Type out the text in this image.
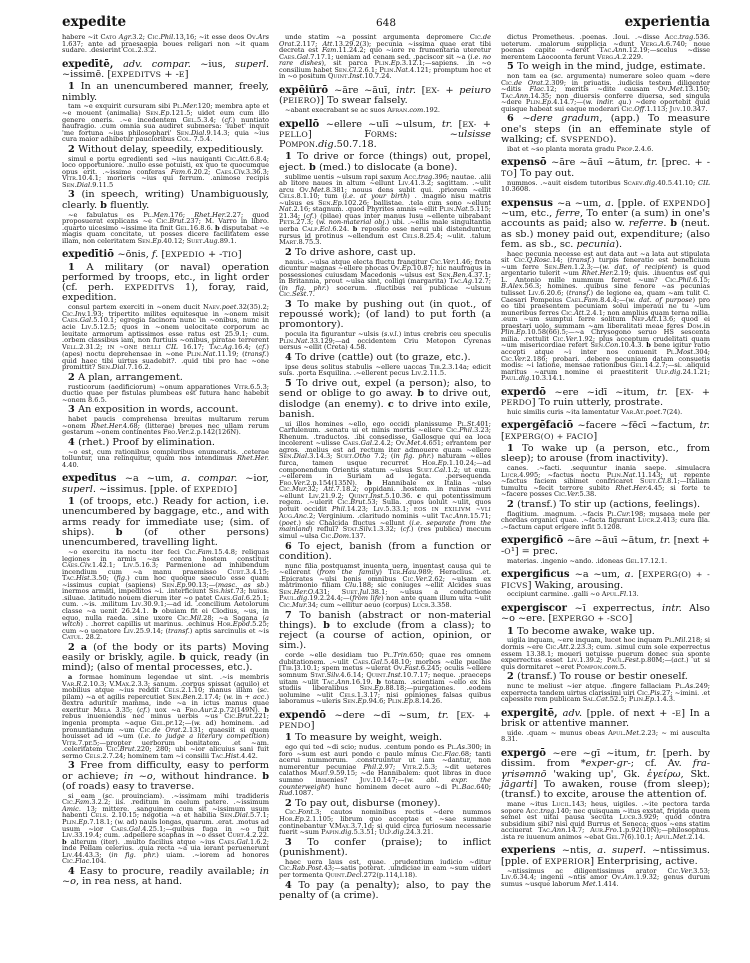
expedite	648	experientia

habere ~it Cato Agr.3.2; Cic.Phil.13,16; ~it esse deos Ov.Ars 1.637; ante ad praesaepia boues religari non ~it quam sudare. .desierint Col.2.3.2.

expedītē, adv. compar. ~ius, superl. ~issimē. [EXPEDITVS + -E]

1 In an unencumbered manner, freely, nimbly.

tam ~e exquirit cursuram sibi Pl.Mer.120; membra apte et ~e mouent (animalia) Sen.Ep.121.5; uidet eum cum illo genere oneris. .~e incedentem Gel.5.3.4; (cf.) nuntiato naufragio. .cum omnia sua audiret submersa: 'iubet' inquit 'me fortuna ~ius philosophari' Sen.Dial.9.14.3; quia ~ius cura maior adhibetur paucioribus Col. 7.5.4.

2 Without delay, speedily, expeditiously.

simul e portu egredienti sed ~ius nauiganti Cic.Att.6.8.4; loco opportuniore. .nullo esse potuisti, ex quo te quocumque opus erit. .~issime conferas Fam.6.20.2; Caes.Civ.3.36.3; Vitr.10.4.1; morieris ~ius qui ferrum. .animose recipis Sen.Dial.9.11.5

3 (in speech, writing) Unambiguously, clearly. b fluently.

~e fabulatus es Pl.Men.176; Rhet.Her.2.27; quod proposuerat explicans ~e Cic.Brut.237; M. Varro in libro. .quarto uicesimo ~issime ita finit Gel.16.8.6. b disputabat ~e magis quam concitate, ut posses dicere facilitatem esse illam, non celeritatem Sen.Ep.40.12; Suet.Aug.89.1.

expedītiō ~ōnis, f. [EXPEDIO + -TIO]

1 A military (or naval) operation performed by troops, etc., in light order (cf. perh. EXPEDITVS 1), foray, raid, expedition.

consul partem exerciti in ~onem ducit Naev.poet.32(35).2; Cic.Inv.1.93; tripertito milites equitesque in ~onem misit Caes.Gal.5.10.1; egregia facinora nunc in ~onibus, nunc in acie Liv.5.12.5; quos in ~onem uelocitate corporum ac leuitate armorum aptissimos esse ratus est 25.9.1; cum. .orbem classibus iam, non furtiuis ~onibus, piratae terrerent Vell.2.31.2; IN ~ONE BELLI CIL 16.17; Tac.Ag.16.4; (cf.) (apes) noctu deprehensae in ~one Plin.Nat.11.19; (transf.) quid haec tibi uirtus suadebit?. .quid tibi pro hac ~one promittit? Sen.Dial.7.16.2.

2 A plan, arrangement.

rusticorum (aedificiorum) ~onum apparationes Vitr.6.5.3; ductio quae per fistulas plumbeas est futura hanc habebit ~onem 8.6.5.

3 An exposition in words, account.

habet paucis comprehensa breuitas multarum rerum ~onem Rhet.Her.4.68; (litterae) breues nec ullam rerum gestarum ~onem continentes Fro.Ver.2.p.142(126N).

4 (rhet.) Proof by elimination.

~o est, cum rationibus compluribus enumeratis. .ceterae tolluntur, una relinquitur, quam nos intendimus Rhet.Her. 4.40.

expedītus ~a ~um, a. compar. ~ior, superl. ~issimus. [pple. of EXPEDIO]

1 (of troops, etc.) Ready for action, i.e. unencumbered by baggage, etc., and with arms ready for immediate use; (sim. of ships). b (of other persons) unencumbered, travelling light.

~o exercitu ita noctu iter feci Cic.Fam.15.4.8; reliquas legiones in armis ~as contra hostem constituit Caes.Civ.1.42.1; Liv.5.16.3; Parmenione ad inhibendum incendium cum ~a manu praemisso Curt.3.4.15; Tac.Hist.3.50; (fig.) cum hoc quoque saeculo esse quam ~issimus cupiat (sapiens) Sen.Ep.90.13;—(masc. as sb.) inermos armati, impeditos ~i. .interficiunt Sis.hist.73; huius. .siluae. .latitudo nouem dierum iter ~o patet Caes.Gal.6.25.1; cum. .~is. .militum Liv.30.9.1;—ad id. .concilium Aetolorum classe ~a uenit 26.24.1. b obuiam fit ei Clodius, ~us, in equo, nulla raeda. .sine uxore Cic.Mil.28; ~a Sagana (a witch) . .horret capillis ut marinus. .echinus Hor.Epod.5.25; cum ~o uenatore Liv.25.9.14; (transf.) aptis sarcinulis et ~is Catul. 28.2.

2 a (of the body or its parts) Moving easily or briskly, agile. b quick, ready (in mind); (also of mental processes, etc.).

a formae hominum legendae ut sint. .~is membris Var.R.2.10.3; V.Max.2.3.3; sanum. .corpus spissat (aquilo) et mobilius atque ~ius reddit Cels.2.1.10; manus illam (sc. pilam) ~a et agilis repercutiet Sen.Ben.2.17.4; (w. in + acc.) dextra aduritur mamma, inde ~a in ictus manus quae exeritur Mela 3.35; (cf.) uox ~a Fro.Aur.2.p.72(149N). b rebus inueniendis nec minus uerbis ~us Cic.Brut.221; ingenia prompta ~aque Gel.pr.12;—(w. ad) hominem. .ad pronuntiandum ~um Cic.de Orat.2.131; quaesiit si quem nouisset ad id ~um (i.e. to judge a literary competition) Vitr.7.pr.5;—propter uerborum bonitatem. .et ~am. .celeritatem Cic.Brut.220; 280; ubi ~ior alicuius sani fuit sermo Cels.2.7.24; hominem tam ~i consilii Tac.Hist.4.42.

3 Free from difficulty, easy to perform or achieve; in ~o, without hindrance. b (of roads) easy to traverse.

si eam (sc. prouinciam). .~issimam mihi tradideris Cic.Fam.3.2.2; iis. .reditum in caelum patere. .~issimum Amic. 13; mittere. .sanguinem cum sit ~issimum usum habenti Cels. 2.10.15; negotia ~a et habilia Sen.Dial.5.7.1; Plin.Ep.7.18.1; (w. ad) nauis longas, quarum. .erat. .motus ad usum ~ior Caes.Gal.4.25.1;—quibus fuga in ~o fuit Liv.33.19.4; cum. .adpellere scaphas in ~o esset Curt.4.2.22. b alterum (iter). .multo facilius atque ~ius Caes.Gal.1.6.2; inde Pellam celerius. .quia recta ~a uia ierant peruenerunt Liv.44.43.3; (in fig. phr.) uiam. .~iorem ad honores Cic.Flac.104.

4 Easy to procure, readily available; in ~o, in rea ness, at hand.

unde statim ~a possint argumenta depromere Cic.de Orat.2.117; Att.13.29.2(3); pecunia ~issima quae erat tibi decreta est Fam.11.24.2; quo ~iore re frumentaria uteretur Caes.Gal.7.17.1; ueniam ad cenam sed. .paciscor sit ~a (i.e. no rare dishes), sit parca Plin.Ep.3.12.1;—sapiens. .in ~o consilium habet Sen.Cl.2.6.1; Plin.Nat.4.121; promptum hoc et in ~o positum Quint.Inst.10.7.24.

expēiūrō ~āre ~āuī, intr. [EX- + peiuro (PEIERO)] To swear falsely.

~abant execrabant se ac suos Afran.com.192.

expellō ~ellere ~ulī ~ulsum, tr. [EX- + PELLO] Forms: ~ulsisse Pompon.dig.50.7.18.

1 To drive or force (things) out, propel, eject. b (med.) to dislocate (a bone).

sublime uentis ~ulsum rapi saxum Acc.trag.396; nautae. .alii ab litore naues in altum ~ellunt Liv.41.3.2; sagittam. .~ulit arcu Ov.Met.8.381; nouus dens subit qui. .priorem ~ellit Cels.8.1.10; tum (i.e. at your birth) . .magno nisu matris ~ulsus es Sen.Ep.102.26; ballistae. .tela cum sono ~ellunt Nat.2.16; stagnum. .quod Phyrites amnis ~ellit Plin.Nat.5.115; 21.34; (cf.) (pilae) quas inter manus lusu ~ellente uibrabant Petr.27.3; (w. non-material obj.) ubi. .~ellis male singultantia uerba Calp.Ecl.6.24. b reposito osse nerui ubi distenduntur, rursus id protinus ~ellendum est Cels.8.25.4; ~ulit. .talum Mart.8.75.3.

2 To drive ashore, cast up.

nauis. .~ulsa atque electa fluctu frangitur Cic.Ver.1.46; freta dicuntur magnas ~ellere phocas Ov.Ep.10.87; hic naufragus in possessiones cuiusdam Macedonis ~ulsus est Sen.Ben.4.37.1; in Britannia, prout ~ulsa sint, colligi (margarita) Tac.Ag.12.7; (in fig. phr.) socerum. .fluctibus rei publicae ~ulsum Cic.Sest.7.

3 To make by pushing out (in quot., of repoussé work); (of land) to put forth (a promontory).

pocula ita figurantur ~ulsis (s.v.l.) intus crebris ceu speculis Plin.Nat.33.129;—ad occidentem Criu Metopon Cyrenas uersus ~ellit (Creta) 4.58.

4 To drive (cattle) out (to graze, etc.).

ipse deus solitus stabulis ~ellere uaccas Tib.2.3.14a; edicit suis. .porta Esquilina. .~ellerent pecus Liv.2.11.5.

5 To drive out, expel (a person); also, to send or oblige to go away. b to drive out, dislodge (an enemy). c to drive into exile, banish.

ui illos homines ~ello, ego occidi planissume Pl.St.401; Carfulenum. .senatu ui et minis mortis ~ellere Cic.Phil.3.23; Rhenum. .traductos. .ibi consedisse, Gallosque qui ea loca incolerent ~ulisse Caes.Gal.2.4.2; Ov.Met.4.651; errantem per agros. .melius est ad rectum iter admouere quam ~ellere Sen.Dial.3.14.3; Suet.Otho 7.2; (in fig. phr.) naturam ~elles furca, tamen usque recurret Hor.Ep.1.10.24;—ad componendum Orientis statum ~ulsus Suet.Cal.1.2; ut eum. .~ellerem in Suriam ad legata. .persequenda Fro.Ver.2.p.154(135N). b Hannibale ex Italia ~ulso Cic.Mur.32; Att.7.18.2; oppidani. .hostem. .in ruinas muri ~ellunt Liv.21.9.2; Quint.Inst.5.10.36. c qui potentissimum regem. .~ulerit Cic.Brut.53; Sulla. .quos uoluit ~ulit, quos potuit occidit Phil.14.23; Liv.5.33.1; EOS IN EXILIVM ~VLI Aug.Anc.2; Verginium. .claritudo nominis ~ulit Tac.Ann.15.71; (poet.) sic Chalcida fluctus ~ellunt (i.e. separate from the mainland) refluī? Stat.Silv.1.3.32; (cf.) (res publica) mecum simul ~ulsa Cic.Dom.137.

6 To eject, banish (from a function or condition).

nunc filia postquamst inuenta uera, inuentast causa qui te ~ellerent (from the family) Ter.Hau.989; Heraclius. .et. .Epicrates ~ulsi bonis omnibus Cic.Ver.2.62; ~ulsam ex matrimonio filiam Clu.188; sic coniuges ~ellit Alcides suas Sen.Her.O.431; Suet.Jul.38.1; ~ulsus a conductione Paul.dig.19.2.24.4;—(from life) non ante quam illum uita ~ulit Cic.Mur.34; cum ~ellitur aeuo (corpus) Lucr.3.358.

7 To banish (abstract or non-material things). b to exclude (from a class); to reject (a course of action, opinion, or sim.).

corde ~elle desidiam tuo Pl.Trin.650; quae res omnem dubitationem. .~ulit Caes.Gal.5.48.10; morbos ~elle puellae [Tib.]3.10.1; spem metus ~ulerat Ov.Fast.6.245; oculis ~ellere somnum Stat.Silv.4.6.14; Quint.Inst.10.7.17; neque. .praeceps uitam ~ulit Tac.Ann.16.19. b totam. .scientiam ~ello ex his studiis liberalibus Sen.Ep.88.18;—purgationes. .eodem uolumine ~ulit Cels.1.3.17; nisi opiniones falsas quibus laboramus ~uleris Sen.Ep.94.6; Plin.Ep.8.14.26.

expendō ~dere ~dī ~sum, tr. [EX- + PENDO]

1 To measure by weight, weigh.

ego qui ted ~di scio; nudus. .centum pondo es Pl.As.300; in foro ~sum est auri pondo c paulo minus Cic.Flac.68; tanti acerui nummorum. .construuntur ut iam ~dantur, non numerentur pecuniae Phil.2.97; Vitr.2.5.3; ~dit ueteres calathos Mart.9.59.15; ~de Hannibalem: quot libras in duce summo inuenies? Juv.10.147;—(w. abl. expr. the counterweight) hunc hominem decet auro ~di Pl.Bac.640; Rud.1087.

2 To pay out, disburse (money).

Cic.Font.3; cautos nominibus rectis ~dere nummos Hor.Ep.2.1.105; librum quo acceptae et ~sae summae continebantur V.Max.3.7.1d; si quid circa furiosum necessarie fuerit ~sum Papin.dig.5.3.51; Ulp.dig.24.3.21.

3 To confer (praise); to inflict (punishment).

haec uera laus est, quae. .prudentium iudicio ~ditur Cic.Rab.Post.43;—satis poterat. .uindiciae in eam ~sum uideri per tormenta Quint.Decl.272(p.114,l.18).

4 To pay (a penalty); also, to pay the penalty of (a crime).

dictus Prometheus. .poenas. .Ioui. .~disse Acc.trag.536. ueterum. .malorum supplicia ~dunt Verg.A.6.740; noue poenas capite ~deret Tac.Ann.12.19;—scelus ~disse merentem Laocoonta ferunt Verg.A.2.229.

5 To weigh in the mind, judge, estimate.

non tam ea (sc. argumenta) numerare soleo quam ~dere Cic.de Orat.2.309; in priuatis. .iudiciis testem diligenter ~ditis Flac.12; meritis ~dite causam Ov.Met.13.150; Tac.Ann.14.35; non diuersis conferre diuersa, sed singula ~dere Plin.Ep.4.14.7;—(w. indir. qu.) ~dere oportebit quid quisque habeat sui eaque moderari Cic.Off.1.113; Juv.10.347.

6 ~dere gradum, (app.) To measure one's steps (in an effeminate style of walking; cf. SVSPENDO).

ibat et ~so planta morata gradu Prop.2.4.6.

expensō ~āre ~āuī ~ātum, tr. [prec. + -TO] To pay out.

nummos. .~auit eisdem tutoribus Scaev.dig.40.5.41.10; CIL 10.3608.

expensus ~a ~um, a. [pple. of EXPENDO] ~um, etc., ferre, To enter (a sum) in one's accounts as paid; also w. referre. b (neut. as sb.) money paid out, expenditure; (also fem. as sb., sc. pecunia).

haec pecunia necesse est aut data aut ~a lata aut stipulata sit Cic.Q.Rosc.14; (transf.) turpis feneratio est beneficium ~um ferre Sen.Ben.1.2.3;—(w. dat. of recipient) is quod argentario tulerit ~um Rhet.Her.2.19; quis. .inuentus est qui L. Antonio mille nummum ferret ~um? Cic.Phil.6.15; B.Alex.56.3; homines. .quibus sine fenore ~as pecunias tulisset Liv.6.20.6; (transf.) de legione ea, quam ~am tulit C. Caesari Pompeius Cael.Fam.8.4.4;—(w. dat. of purpose) pro eo tibi praesentem pecuniam solui imperaui ne tu ~um muneribus ferres Cic.Att.2.4.1; non amplius quam terna milia. .eum ~um sumptui ferre solitum Nep.Att.13.6; quod ei praestari uolo, summam ~am liberalitati meae feres Dom.in Plin.Ep.10.58(66).5;—~a Chrysogono seruo HS sescenta milia. .rettulit Cic.Ver.1.92; plus acceptum crudelitati quam ~um misericordiae refert Sen.Con.10.4.3. b bene igitur ratio accepti atque ~i inter nos conuenit Pl.Most.304; Cic.Ver.2.186; probari. .debere pecuniam datam consuetis modis: ~i latione, mensae rationibus Gel.14.2.7;—si. .aliquid maritus ~arum nomine ei praestiterit Ulp.dig.24.1.21; Paul.dig.10.3.14.1.

experdō ~ere ~idī ~itum, tr. [EX- + PERDO] To ruin utterly, prostrate.

huic similis curis ~ita lamentatur Var.At.poet.7(24).

expergēfaciō ~facere ~fēcī ~factum, tr. [EXPERG(O) + FACIO]

1 To wake up (a person, etc., from sleep); to arouse (from inactivity).

canes. .~facti. .sequuntur inania saepe. .simulacra Lucr.4.995; ~factus noctu Plin.Nat.11.143; ut repente ~factus faciem sibimet confricaret Suet.Cl.8.1;—Italiam tumultu ~fecit terrore subito Rhet.Her.4.45; si forte te ~facere posses Cic.Ver.5.38.

2 (transf.) To stir up (actions, feelings).

flagitium. .magnum. .~facis Pl.Cur.198; musaea mele per chordas organici quae. .~facta figurant Lucr.2.413; cura illa. .~factum caput erigere infit 5.1208.

expergificō ~āre ~āuī ~ātum, tr. [next + -O¹] = prec.

materias. .ingenio ~ando. .idoneas Gel.17.12.1.

expergificus ~a ~um, a. [EXPERG(O) + -FICVS] Waking, arousing.

occipiunt carmine. .galli ~o Apul.Fl.13.

expergiscor ~ī experrectus, intr. Also ~o ~ere. [EXPERGO + -SCO]

1 To become awake, wake up.

uigila inquam, ~ere inquam, lucet hoc inquam Pl.Mil.218; si dormis ~ere Cic.Att.2.23.3; cum. .simul cum sole experrectus essem 13.38.1; moueri uetuisse puerum donec sua sponte experrectus esset Liv.1.39.2; Paul.Fest.p.80M;—(act.) ut si quis dormitaret ~eret Pompon.com.5.

2 (transf.) To rouse or bestir oneself.

nunc te meliust ~ier atque. .fingere fallaciam Pl.As.249; experrecta tandem uirtus clarissimi uiri Cic.Pis.27; ~imini. .et capessite rem publicam Sal.Cat.52.5; Plin.Ep.1.4.3.

expergitē, adv. [pple. of next + -E] In a brisk or attentive manner.

uide. .quam ~ munus obeas Apul.Met.2.23; ~ mi ausculta 8.31.

expergō ~ere ~gī ~itum, tr. [perh. by dissim. from *exper-gr-; cf. Av. fra-γrisəmnō 'waking up', Gk. ἐγείρω, Skt. jāgarti] To awaken, rouse (from sleep); (transf.) to excite, arouse the attention of.

mane ~itus Lucil.143; heus, uigiles. .~ite pectora tarda sopore Acc.trag.140; nec quisquam ~itus exstat, frigida quem semel est uitai pausa secuta Lucr.3.929; quod contra subsidium sibi? nisi quid Burrus et Seneca; quos ~ens statim acciuerat Tac.Ann.14.7; Aur.Fro.1.p.92(10N);—philosophus. .ista re iuuenum animos ~ebat Gel.7(6).10.1; Apul.Met.2.14.

experiens ~ntis, a. superl. ~ntissimus. [pple. of EXPERIOR] Enterprising, active.

~ntissimus ac diligentissimus arator Cic.Ver.3.53; Liv.6.34.4; ingenii ~ntis amor Ov.Am.1.9.32; genus durum sumus ~usque laborum Met.1.414.
